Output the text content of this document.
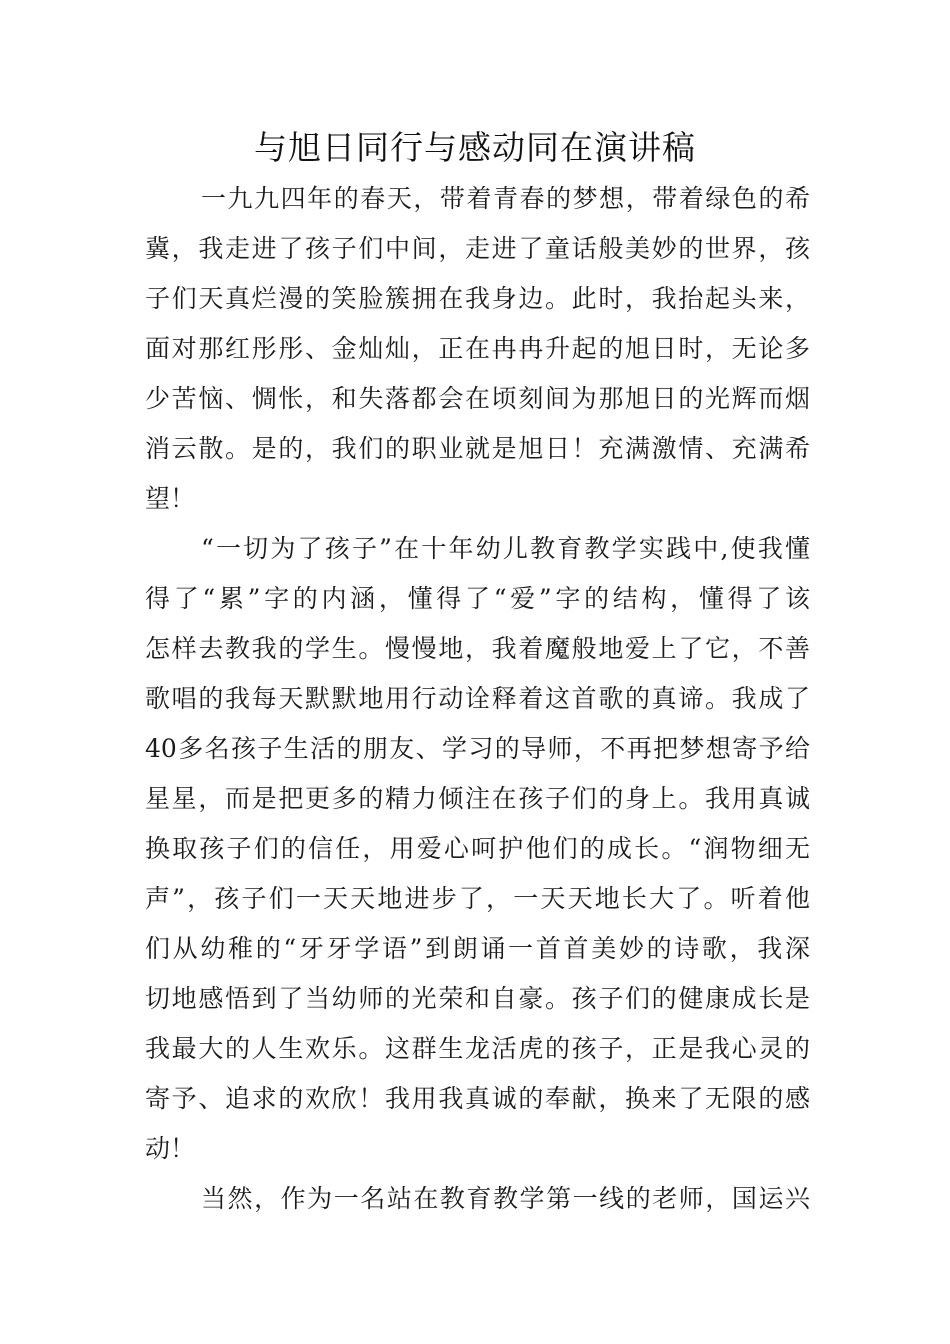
与旭日同行与感动同在演讲稿
一九九四年的春天，带着青春的梦想，带着绿色的希
冀，我走进了孩子们中间，走进了童话般美妙的世界，孩
子们天真烂漫的笑脸簇拥在我身边。此时，我抬起头来，
面对那红彤彤、金灿灿，正在冉冉升起的旭日时，无论多
少苦恼、惆怅，和失落都会在顷刻间为那旭日的光辉而烟
消云散。是的，我们的职业就是旭日！充满激情、充满希
望！
“一切为了孩子”在十年幼儿教育教学实践中,使我懂
得了“累”字的内涵，懂得了“爱”字的结构，懂得了该
怎样去教我的学生。慢慢地，我着魔般地爱上了它，不善
歌唱的我每天默默地用行动诠释着这首歌的真谛。我成了
40多名孩子生活的朋友、学习的导师，不再把梦想寄予给
星星，而是把更多的精力倾注在孩子们的身上。我用真诚
换取孩子们的信任，用爱心呵护他们的成长。“润物细无
声”，孩子们一天天地进步了，一天天地长大了。听着他
们从幼稚的“牙牙学语”到朗诵一首首美妙的诗歌，我深
切地感悟到了当幼师的光荣和自豪。孩子们的健康成长是
我最大的人生欢乐。这群生龙活虎的孩子，正是我心灵的
寄予、追求的欢欣！我用我真诚的奉献，换来了无限的感
动！
当然，作为一名站在教育教学第一线的老师，国运兴
